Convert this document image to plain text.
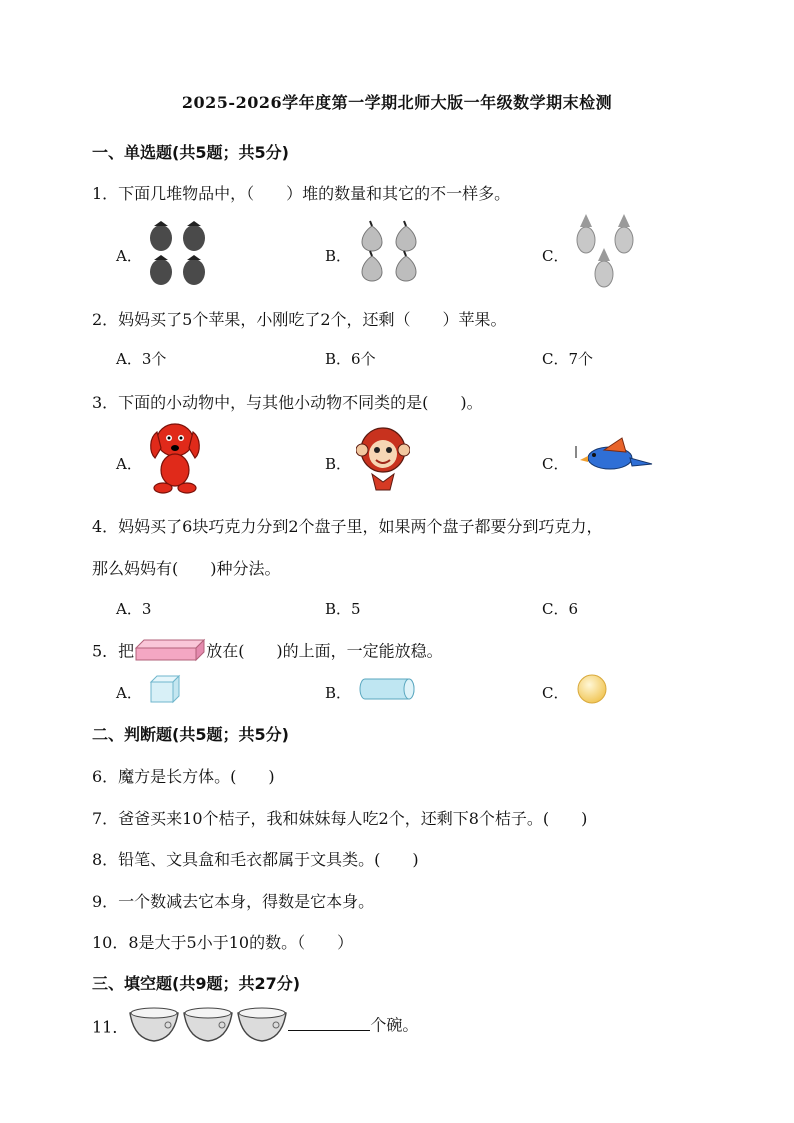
2025-2026学年度第一学期北师大版一年级数学期末检测
一、单选题(共5题；共5分)
1．下面几堆物品中，（　　）堆的数量和其它的不一样多。
A．	B．	C．
2．妈妈买了5个苹果，小刚吃了2个，还剩（　　）苹果。
A．3个	B．6个	C．7个
3．下面的小动物中，与其他小动物不同类的是(　　)。
A．	B．	C．
4．妈妈买了6块巧克力分到2个盘子里，如果两个盘子都要分到巧克力，
那么妈妈有(　　)种分法。
A．3	B．5	C．6
5．把	放在(　　)的上面，一定能放稳。
A．	B．	C．
二、判断题(共5题；共5分)
6．魔方是长方体。(　　)
7．爸爸买来10个桔子，我和妹妹每人吃2个，还剩下8个桔子。(　　)
8．铅笔、文具盒和毛衣都属于文具类。(　　)
9．一个数减去它本身，得数是它本身。
10．8是大于5小于10的数。（　　）
三、填空题(共9题；共27分)
11．	个碗。
